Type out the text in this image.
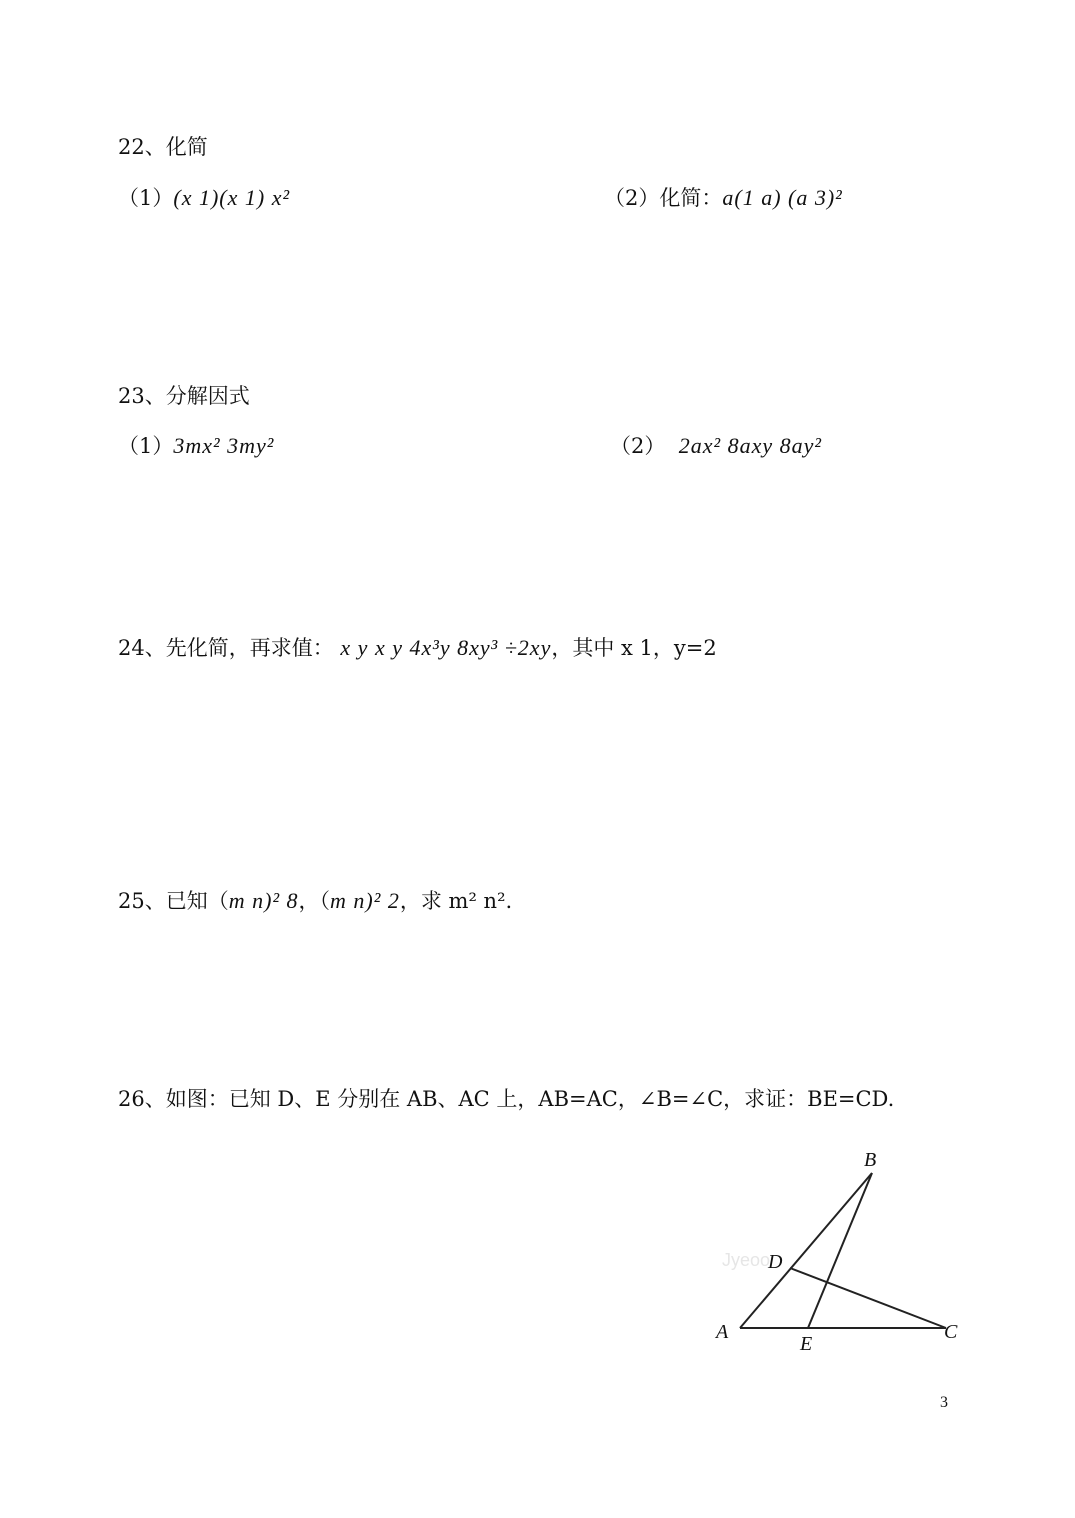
22、化简
（1）(x 1)(x 1) x²	（2）化简：a(1 a) (a 3)²
23、分解因式
（1）3mx² 3my²	（2） 2ax² 8axy 8ay²
24、先化简，再求值： x y x y 4x³y 8xy³ ÷2xy，其中 x 1，y=2
25、已知（m n)² 8，（m n)² 2，求 m² n².
26、如图：已知 D、E 分别在 AB、AC 上，AB=AC，∠B=∠C，求证：BE=CD.
Jyeoo
B
D
A
E
C
3
